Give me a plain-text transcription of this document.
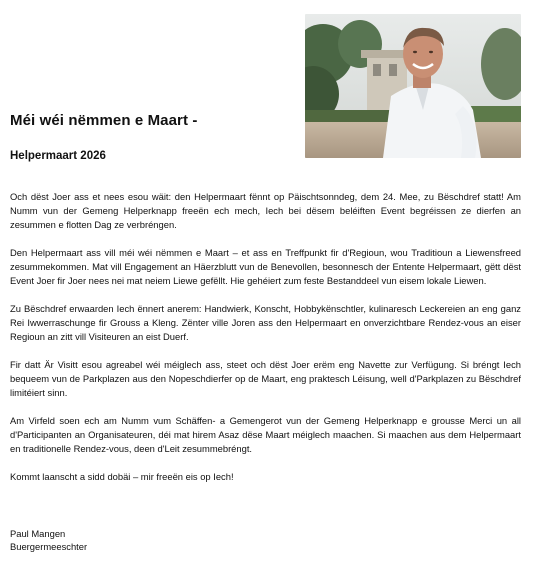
Méi wéi nëmmen e Maart -
Helpermaart 2026

Och dëst Joer ass et nees esou wäit: den Helpermaart fënnt op Päischtsonndeg, dem 24. Mee, zu Bëschdref statt! Am Numm vun der Gemeng Helperknapp freeën ech mech, Iech bei dësem beléiften Event begréissen ze dierfen an zesummen e flotten Dag ze verbréngen.

Den Helpermaart ass vill méi wéi nëmmen e Maart – et ass en Treffpunkt fir d'Regioun, wou Traditioun a Liewensfreed zesummekommen. Mat vill Engagement an Häerzblutt vun de Benevollen, besonnesch der Entente Helpermaart, gëtt dëst Event Joer fir Joer nees nei mat neiem Liewe gefëllt. Hie gehéiert zum feste Bestanddeel vun eisem lokale Liewen.

Zu Bëschdref erwaarden Iech ënnert anerem: Handwierk, Konscht, Hobbykënschtler, kulinaresch Leckereien an eng ganz Rei Iwwerraschunge fir Grouss a Kleng. Zënter ville Joren ass den Helpermaart en onverzichtbare Rendez-vous an eiser Regioun an zitt vill Visiteuren an eist Duerf.

Fir datt Är Visitt esou agreabel wéi méiglech ass, steet och dëst Joer erëm eng Navette zur Verfügung. Si bréngt Iech bequeem vun de Parkplazen aus den Nopeschdierfer op de Maart, eng praktesch Léisung, well d'Parkplazen zu Bëschdref limitéiert sinn.

Am Virfeld soen ech am Numm vum Schäffen- a Gemengerot vun der Gemeng Helperknapp e grousse Merci un all d'Participanten an Organisateuren, déi mat hirem Asaz dëse Maart méiglech maachen. Si maachen aus dem Helpermaart en traditionelle Rendez-vous, deen d'Leit zesummebréngt.

Kommt laanscht a sidd dobäi – mir freeën eis op Iech!

Paul Mangen
Buergermeeschter
